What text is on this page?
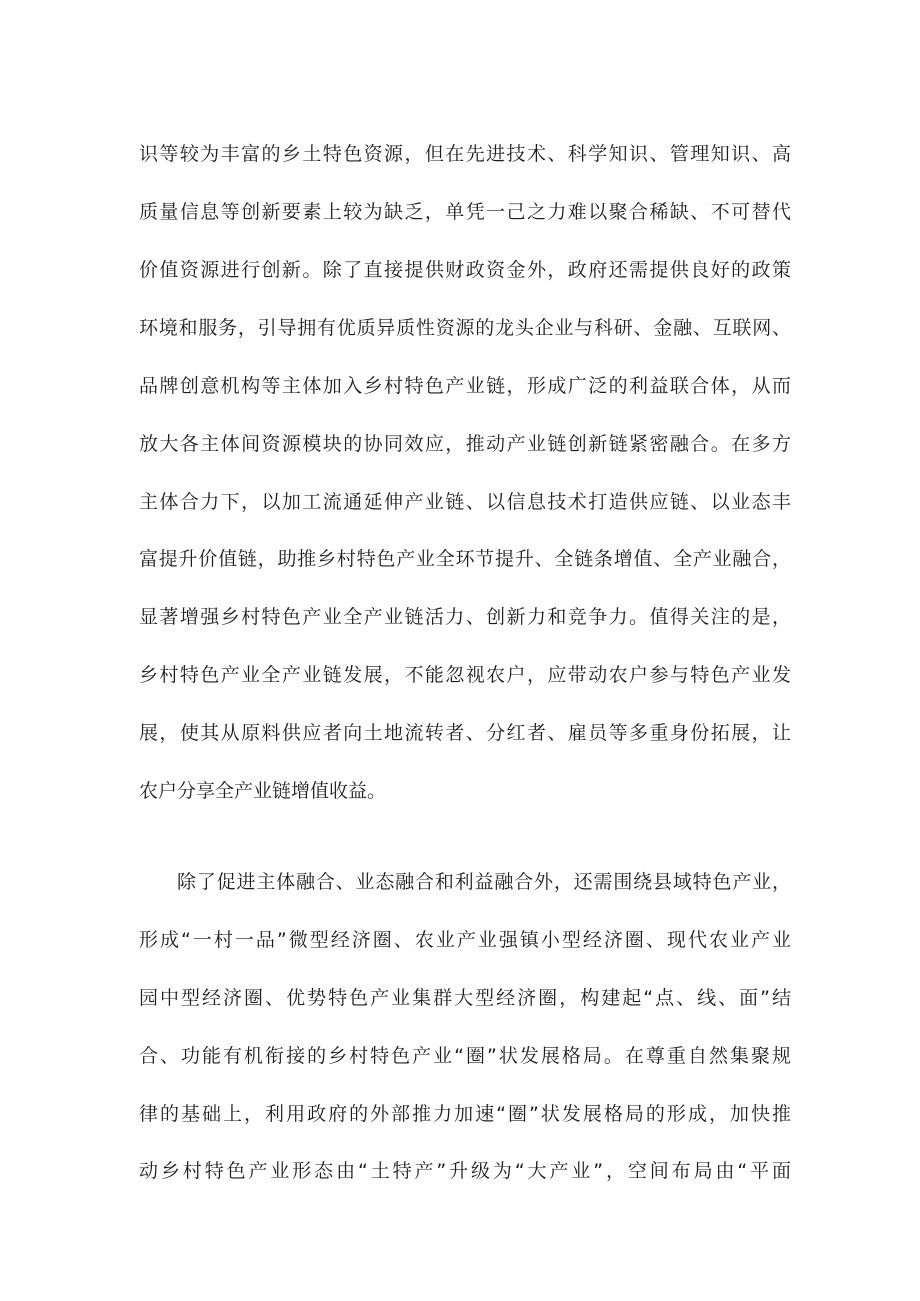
识等较为丰富的乡土特色资源，但在先进技术、科学知识、管理知识、高
质量信息等创新要素上较为缺乏，单凭一己之力难以聚合稀缺、不可替代
价值资源进行创新。除了直接提供财政资金外，政府还需提供良好的政策
环境和服务，引导拥有优质异质性资源的龙头企业与科研、金融、互联网、
品牌创意机构等主体加入乡村特色产业链，形成广泛的利益联合体，从而
放大各主体间资源模块的协同效应，推动产业链创新链紧密融合。在多方
主体合力下，以加工流通延伸产业链、以信息技术打造供应链、以业态丰
富提升价值链，助推乡村特色产业全环节提升、全链条增值、全产业融合，
显著增强乡村特色产业全产业链活力、创新力和竞争力。值得关注的是，
乡村特色产业全产业链发展，不能忽视农户，应带动农户参与特色产业发
展，使其从原料供应者向土地流转者、分红者、雇员等多重身份拓展，让
农户分享全产业链增值收益。
除了促进主体融合、业态融合和利益融合外，还需围绕县域特色产业，
形成“一村一品”微型经济圈、农业产业强镇小型经济圈、现代农业产业
园中型经济圈、优势特色产业集群大型经济圈，构建起“点、线、面”结
合、功能有机衔接的乡村特色产业“圈”状发展格局。在尊重自然集聚规
律的基础上，利用政府的外部推力加速“圈”状发展格局的形成，加快推
动乡村特色产业形态由“土特产”升级为“大产业”，空间布局由“平面
